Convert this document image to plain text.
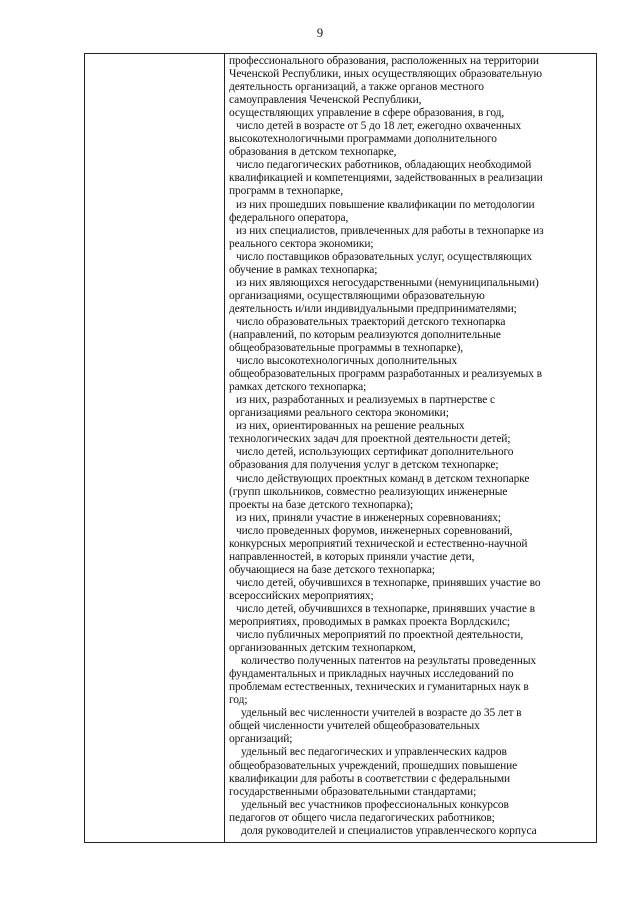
9
профессионального образования, расположенных на территории
Чеченской Республики, иных осуществляющих образовательную
деятельность организаций, а также органов местного
самоуправления Чеченской Республики,
осуществляющих управление в сфере образования, в год,
число детей в возрасте от 5 до 18 лет, ежегодно охваченных
высокотехнологичными программами дополнительного
образования в детском технопарке,
число педагогических работников, обладающих необходимой
квалификацией и компетенциями, задействованных в реализации
программ в технопарке,
из них прошедших повышение квалификации по методологии
федерального оператора,
из них специалистов, привлеченных для работы в технопарке из
реального сектора экономики;
число поставщиков образовательных услуг, осуществляющих
обучение в рамках технопарка;
из них являющихся негосударственными (немуниципальными)
организациями, осуществляющими образовательную
деятельность и/или индивидуальными предпринимателями;
число образовательных траекторий детского технопарка
(направлений, по которым реализуются дополнительные
общеобразовательные программы в технопарке),
число высокотехнологичных дополнительных
общеобразовательных программ разработанных и реализуемых в
рамках детского технопарка;
из них, разработанных и реализуемых в партнерстве с
организациями реального сектора экономики;
из них, ориентированных на решение реальных
технологических задач для проектной деятельности детей;
число детей, использующих сертификат дополнительного
образования для получения услуг в детском технопарке;
число действующих проектных команд в детском технопарке
(групп школьников, совместно реализующих инженерные
проекты на базе детского технопарка);
из них, приняли участие в инженерных соревнованиях;
число проведенных форумов, инженерных соревнований,
конкурсных мероприятий технической и естественно-научной
направленностей, в которых приняли участие дети,
обучающиеся на базе детского технопарка;
число детей, обучившихся в технопарке, принявших участие во
всероссийских мероприятиях;
число детей, обучившихся в технопарке, принявших участие в
мероприятиях, проводимых в рамках проекта Ворлдскилс;
число публичных мероприятий по проектной деятельности,
организованных детским технопарком,
количество полученных патентов на результаты проведенных
фундаментальных и прикладных научных исследований по
проблемам естественных, технических и гуманитарных наук в
год;
удельный вес численности учителей в возрасте до 35 лет в
общей численности учителей общеобразовательных
организаций;
удельный вес педагогических и управленческих кадров
общеобразовательных учреждений, прошедших повышение
квалификации для работы в соответствии с федеральными
государственными образовательными стандартами;
удельный вес участников профессиональных конкурсов
педагогов от общего числа педагогических работников;
доля руководителей и специалистов управленческого корпуса
